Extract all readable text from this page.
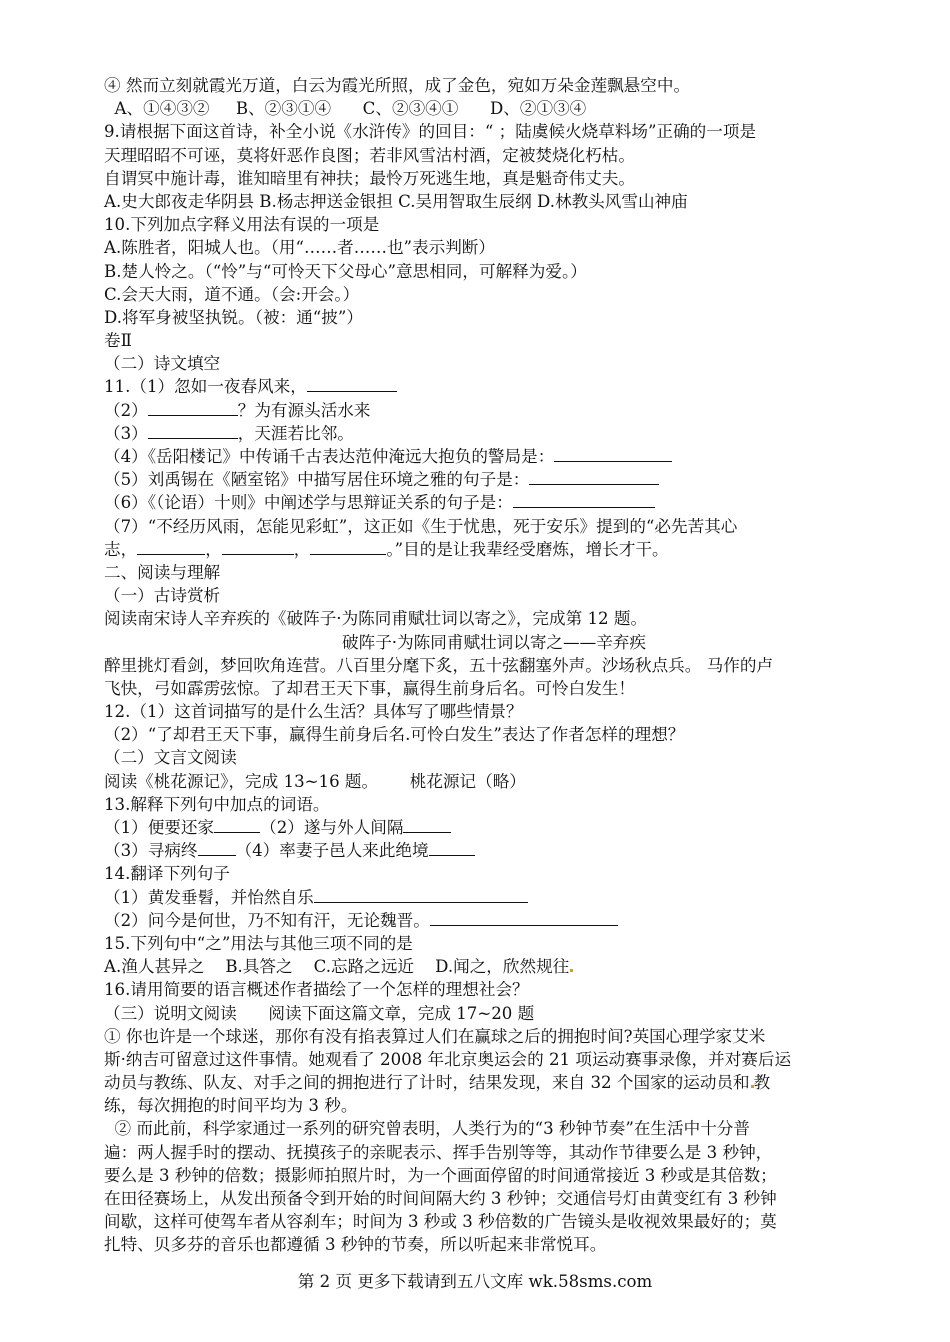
④ 然而立刻就霞光万道，白云为霞光所照，成了金色，宛如万朵金莲飘悬空中。
A、①④③②     B、②③①④      C、②③④①      D、②①③④
9.请根据下面这首诗，补全小说《水浒传》的回目：“ ；陆虞候火烧草料场”正确的一项是
天理昭昭不可诬，莫将奸恶作良图；若非风雪沽村酒，定被焚烧化朽枯。
自谓冥中施计毒，谁知暗里有神扶；最怜万死逃生地，真是魁奇伟丈夫。
A.史大郎夜走华阴县 B.杨志押送金银担 C.吴用智取生辰纲 D.林教头风雪山神庙
10.下列加点字释义用法有误的一项是
A.陈胜者，阳城人也。（用“……者……也”表示判断）
B.楚人怜之。（“怜”与“可怜天下父母心”意思相同，可解释为爱。）
C.会天大雨，道不通。（会:开会。）
D.将军身被坚执锐。（被：通“披”）
卷Ⅱ
（二）诗文填空
11.（1）忽如一夜春风来，
（2）	？为有源头活水来
（3）	，天涯若比邻。
（4）《岳阳楼记》中传诵千古表达范仲淹远大抱负的警局是：
（5）刘禹锡在《陋室铭》中描写居住环境之雅的句子是：
（6）《（论语）十则》中阐述学与思辩证关系的句子是：
（7）“不经历风雨，怎能见彩虹”，这正如《生于忧患，死于安乐》提到的“必先苦其心
志，	，	，	。”目的是让我辈经受磨炼，增长才干。
二、阅读与理解
（一）古诗赏析
阅读南宋诗人辛弃疾的《破阵子·为陈同甫赋壮词以寄之》，完成第 12 题。
破阵子·为陈同甫赋壮词以寄之——辛弃疾
醉里挑灯看剑，梦回吹角连营。八百里分麾下炙，五十弦翻塞外声。沙场秋点兵。 马作的卢
飞快，弓如霹雳弦惊。了却君王天下事，赢得生前身后名。可怜白发生！
12.（1）这首词描写的是什么生活？具体写了哪些情景？
（2）“了却君王天下事，赢得生前身后名.可怜白发生”表达了作者怎样的理想？
（二）文言文阅读
阅读《桃花源记》，完成 13~16 题。      桃花源记（略）
13.解释下列句中加点的词语。
（1）便要还家	（2）遂与外人间隔
（3）寻病终 （4）率妻子邑人来此绝境
14.翻译下列句子
（1）黄发垂髫，并怡然自乐
（2）问今是何世，乃不知有汗，无论魏晋。
15.下列句中“之”用法与其他三项不同的是
A.渔人甚异之    B.具答之    C.忘路之远近    D.闻之，欣然规往
16.请用简要的语言概述作者描绘了一个怎样的理想社会？
（三）说明文阅读      阅读下面这篇文章，完成 17~20 题
① 你也许是一个球迷，那你有没有掐表算过人们在赢球之后的拥抱时间?英国心理学家艾米
斯·纳吉可留意过这件事情。她观看了 2008 年北京奥运会的 21 项运动赛事录像，并对赛后运
动员与教练、队友、对手之间的拥抱进行了计时，结果发现，来自 32 个国家的运动员和 教
练，每次拥抱的时间平均为 3 秒。
② 而此前，科学家通过一系列的研究曾表明，人类行为的“3 秒钟节奏”在生活中十分普
遍：两人握手时的摆动、抚摸孩子的亲昵表示、挥手告别等等，其动作节律要么是 3 秒钟，
要么是 3 秒钟的倍数；摄影师拍照片时，为一个画面停留的时间通常接近 3 秒或是其倍数；
在田径赛场上，从发出预备令到开始的时间间隔大约 3 秒钟；交通信号灯由黄变红有 3 秒钟
间歇，这样可使驾车者从容刹车；时间为 3 秒或 3 秒倍数的广告镜头是收视效果最好的；莫
扎特、贝多芬的音乐也都遵循 3 秒钟的节奏，所以听起来非常悦耳。
第 2 页 更多下载请到五八文库 wk.58sms.com
